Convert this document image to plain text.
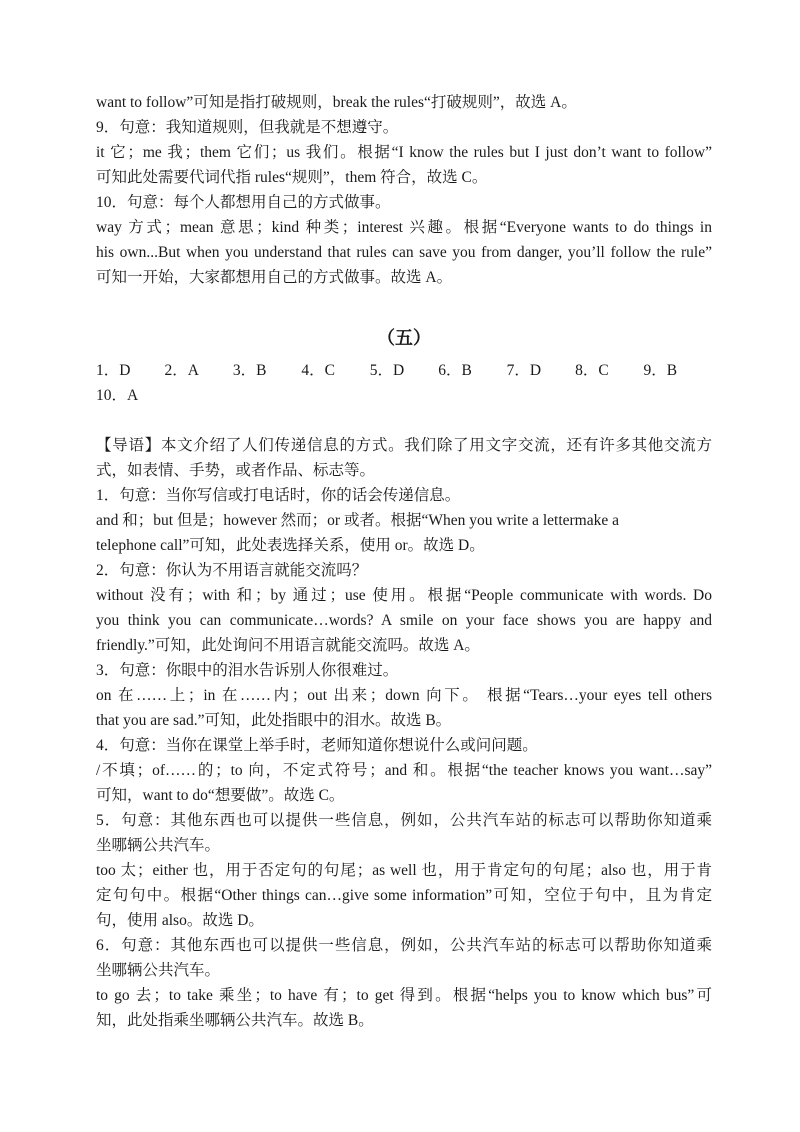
want to follow”可知是指打破规则，break the rules“打破规则”，故选 A。
9．句意：我知道规则，但我就是不想遵守。
it 它；me 我；them 它们；us 我们。根据“I know the rules but I just don’t want to follow”
可知此处需要代词代指 rules“规则”，them 符合，故选 C。
10．句意：每个人都想用自己的方式做事。
way 方式；mean 意思；kind 种类；interest 兴趣。根据“Everyone wants to do things in
his own...But when you understand that rules can save you from danger, you’ll follow the rule”
可知一开始，大家都想用自己的方式做事。故选 A。
（五）
1．D	2．A	3．B	4．C	5．D	6．B	7．D	8．C	9．B
10．A
【导语】本文介绍了人们传递信息的方式。我们除了用文字交流，还有许多其他交流方
式，如表情、手势，或者作品、标志等。
1．句意：当你写信或打电话时，你的话会传递信息。
and 和；but 但是；however 然而；or 或者。根据“When you write a lettermake a
telephone call”可知，此处表选择关系，使用 or。故选 D。
2．句意：你认为不用语言就能交流吗？
without 没有；with 和；by 通过；use 使用。根据“People communicate with words. Do
you think you can communicate…words? A smile on your face shows you are happy and
friendly.”可知，此处询问不用语言就能交流吗。故选 A。
3．句意：你眼中的泪水告诉别人你很难过。
on 在……上；in 在……内；out 出来；down 向下。 根据“Tears…your eyes tell others
that you are sad.”可知，此处指眼中的泪水。故选 B。
4．句意：当你在课堂上举手时，老师知道你想说什么或问问题。
/不填；of……的；to 向，不定式符号；and 和。根据“the teacher knows you want…say”
可知，want to do“想要做”。故选 C。
5．句意：其他东西也可以提供一些信息，例如，公共汽车站的标志可以帮助你知道乘
坐哪辆公共汽车。
too 太；either 也，用于否定句的句尾；as well 也，用于肯定句的句尾；also 也，用于肯
定句句中。根据“Other things can…give some information”可知，空位于句中，且为肯定
句，使用 also。故选 D。
6．句意：其他东西也可以提供一些信息，例如，公共汽车站的标志可以帮助你知道乘
坐哪辆公共汽车。
to go 去；to take 乘坐；to have 有；to get 得到。根据“helps you to know which bus”可
知，此处指乘坐哪辆公共汽车。故选 B。
